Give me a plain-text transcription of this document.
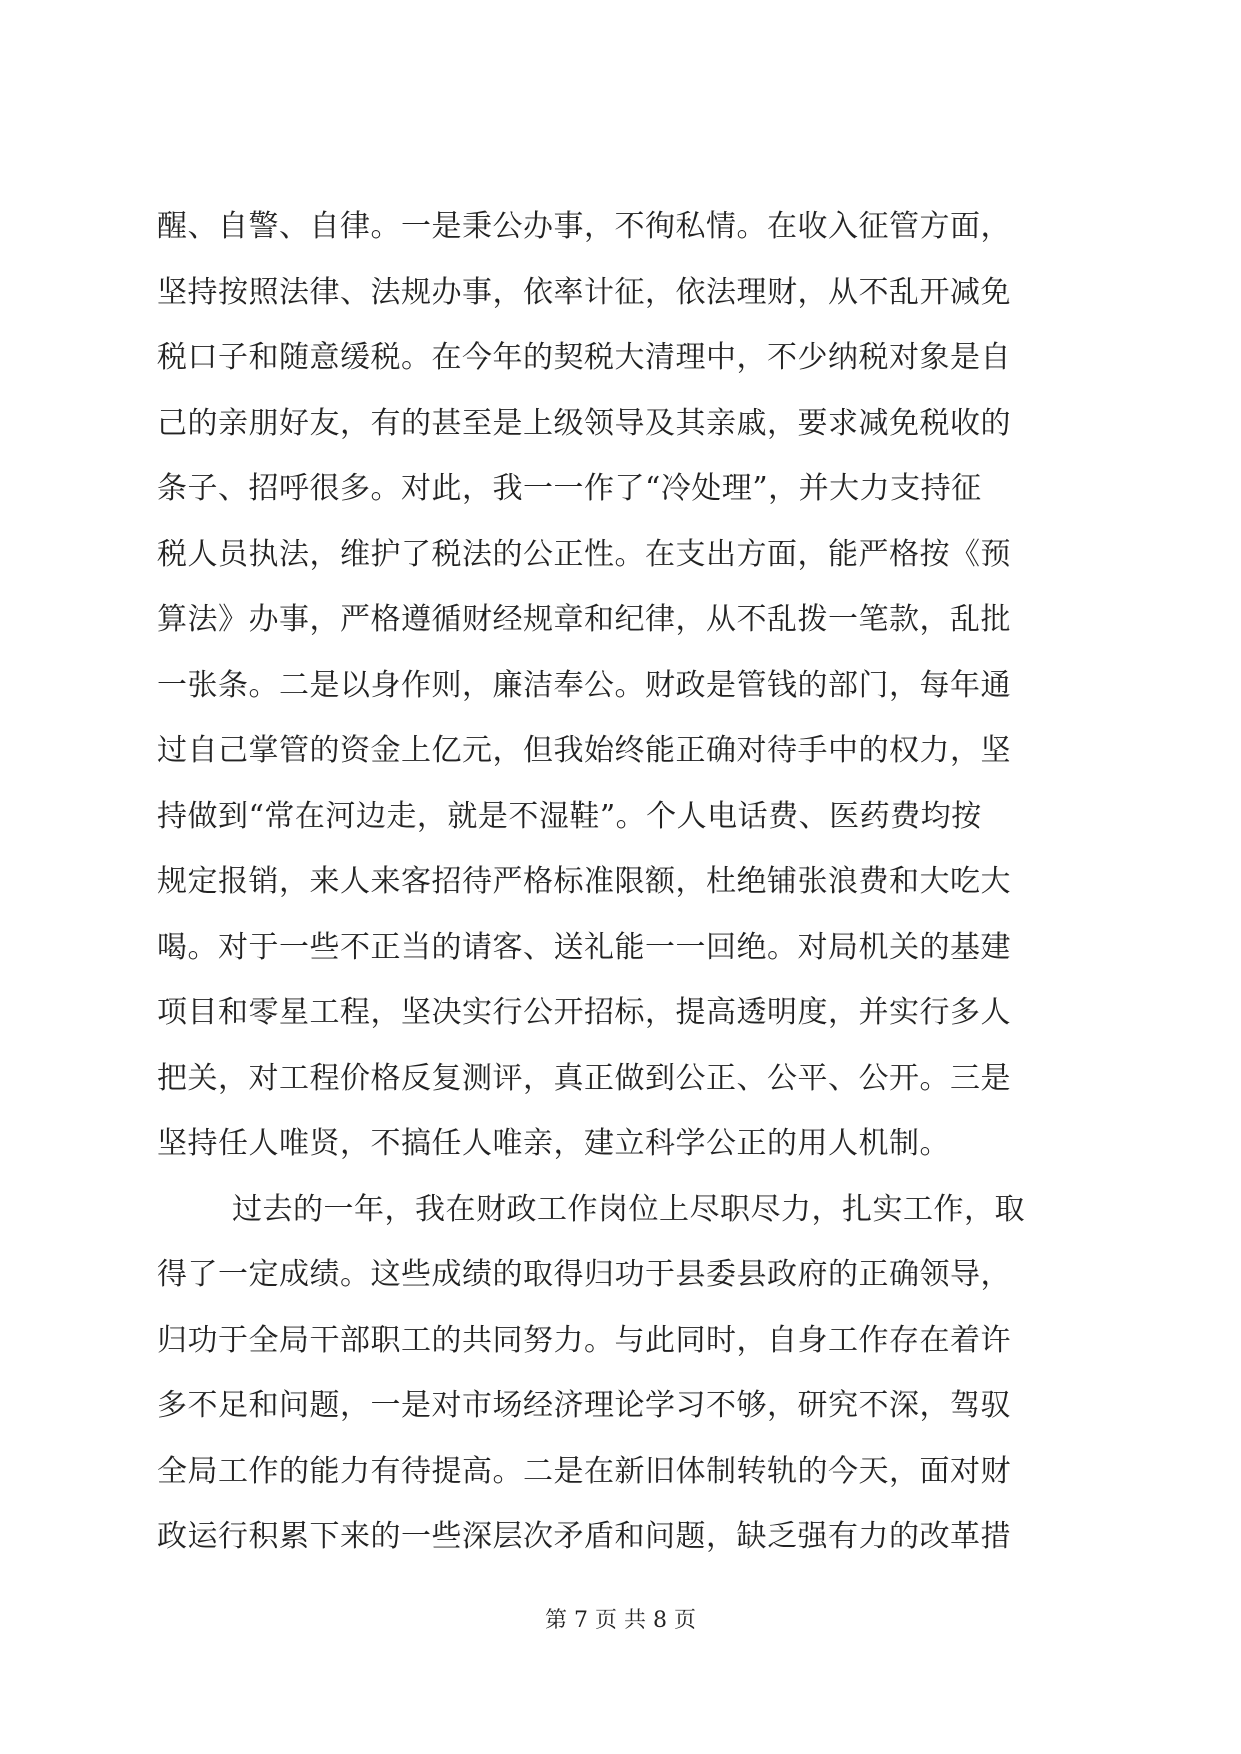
醒、自警、自律。一是秉公办事，不徇私情。在收入征管方面，
坚持按照法律、法规办事，依率计征，依法理财，从不乱开减免
税口子和随意缓税。在今年的契税大清理中，不少纳税对象是自
己的亲朋好友，有的甚至是上级领导及其亲戚，要求减免税收的
条子、招呼很多。对此，我一一作了“冷处理”，并大力支持征
税人员执法，维护了税法的公正性。在支出方面，能严格按《预
算法》办事，严格遵循财经规章和纪律，从不乱拨一笔款，乱批
一张条。二是以身作则，廉洁奉公。财政是管钱的部门，每年通
过自己掌管的资金上亿元，但我始终能正确对待手中的权力，坚
持做到“常在河边走，就是不湿鞋”。个人电话费、医药费均按
规定报销，来人来客招待严格标准限额，杜绝铺张浪费和大吃大
喝。对于一些不正当的请客、送礼能一一回绝。对局机关的基建
项目和零星工程，坚决实行公开招标，提高透明度，并实行多人
把关，对工程价格反复测评，真正做到公正、公平、公开。三是
坚持任人唯贤，不搞任人唯亲，建立科学公正的用人机制。
过去的一年，我在财政工作岗位上尽职尽力，扎实工作，取
得了一定成绩。这些成绩的取得归功于县委县政府的正确领导，
归功于全局干部职工的共同努力。与此同时，自身工作存在着许
多不足和问题，一是对市场经济理论学习不够，研究不深，驾驭
全局工作的能力有待提高。二是在新旧体制转轨的今天，面对财
政运行积累下来的一些深层次矛盾和问题，缺乏强有力的改革措
第 7 页 共 8 页
